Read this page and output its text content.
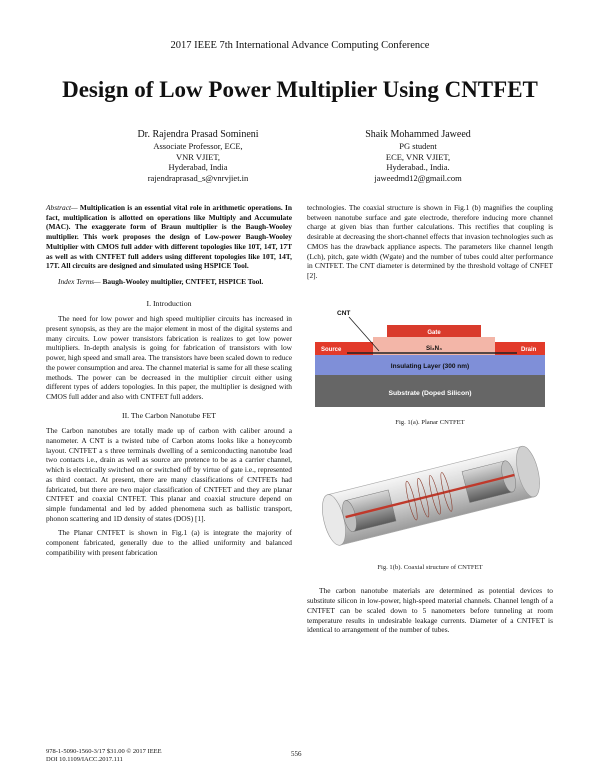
2017 IEEE 7th International Advance Computing Conference
Design of Low Power Multiplier Using CNTFET
Dr. Rajendra Prasad Somineni
Associate Professor, ECE,
VNR VJIET,
Hyderabad, India
rajendraprasad_s@vnrvjiet.in
Shaik Mohammed Jaweed
PG student
ECE, VNR VJIET,
Hyderabad., India.
jaweedmd12@gmail.com

Abstract— Multiplication is an essential vital role in arithmetic operations. In fact, multiplication is allotted on operations like Multiply and Accumulate (MAC). The exaggerate form of Braun multiplier is the Baugh-Wooley multiplier. This work proposes the design of Low-power Baugh-Wooley Multiplier with CMOS full adder with different topologies like 10T, 14T, 17T as well as with CNTFET full adders using different topologies like 10T, 14T, 17T. All circuits are designed and simulated using HSPICE Tool.

Index Terms— Baugh-Wooley multiplier, CNTFET, HSPICE Tool.

I. Introduction

The need for low power and high speed multiplier circuits has increased in present synopsis, as they are the major element in most of the digital systems and many circuits. Low power transistors fabrication is realizes to get low power multipliers. In-depth analysis is going for fabrication of transistors with low power, high speed and small area. The transistors have been scaled down to reduce the power consumption and area. The channel material is same for all these scaling methods. The power can be decreased in the multiplier circuit either using different types of adders topologies. In this paper, the multiplier is designed with CMOS full adder and also with CNTFET full adders.

II. The Carbon Nanotube FET

The Carbon nanotubes are totally made up of carbon with caliber around a nanometer. A CNT is a twisted tube of Carbon atoms looks like a honeycomb layout. CNTFET a s three terminals dwelling of a semiconducting nanotube lead two contacts i.e., drain as well as source are pretence to be as a carrier channel, which is electrically switched on or switched off by virtue of gate i.e., represented as third contact. At present, there are many classifications of CNTFETs had fabricated, but there are two major classification of CNTFET and they are planar CNTFET and coaxial CNTFET. This planar and coaxial structure depend on simple fundamental and led by added phenomena such as ballistic transport, phonon scattering and 1D density of states (DOS) [1].

The Planar CNTFET is shown in Fig.1 (a) is integrate the majority of component fabricated, generally due to the allied uniformity and balanced compatibility with present fabrication

technologies. The coaxial structure is shown in Fig.1 (b) magnifies the coupling between nanotube surface and gate electrode, therefore inducing more channel charge at given bias than further calculations. This rectifies that coupling is desirable at decreasing the short-channel effects that invasion technologies such as CMOS has the drawback appliance aspects. The parameters like channel length (Lch), pitch, gate width (Wgate) and the number of tubes could alter performance in CNTFET. The CNT diameter is determined by the threshold voltage of CNFET [2].

Substrate (Doped Silicon)
Insulating Layer (300 nm)
Source	Drain
Si₃N₄
Gate
CNT
Fig. 1(a). Planar CNTFET
Fig. 1(b). Coaxial structure of CNTFET

The carbon nanotube materials are determined as potential devices to substitute silicon in low-power, high-speed material channels. Channel length of a CNTFET can be scaled down to 5 nanometers before tunneling at room temperature results in undesirable leakage currents. Diameter of a CNTFET is identical to arrangement of the number of tubes.

978-1-5090-1560-3/17 $31.00 © 2017 IEEE
DOI 10.1109/IACC.2017.111
556
